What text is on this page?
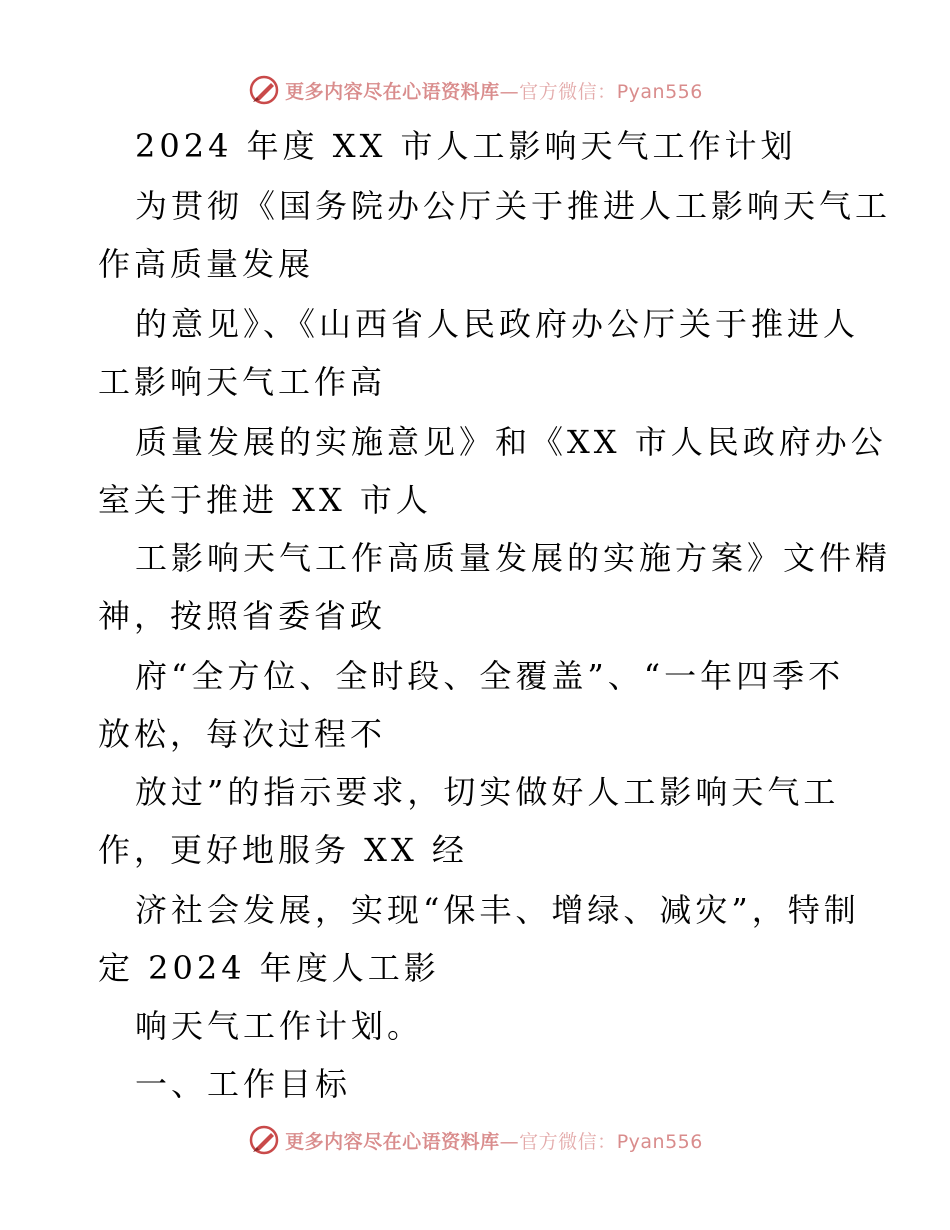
更多内容尽在心语资料库—官方微信：Pyan556
2024 年度 XX 市人工影响天气工作计划
为贯彻《国务院办公厅关于推进人工影响天气工
作高质量发展
的意见》、《山西省人民政府办公厅关于推进人
工影响天气工作高
质量发展的实施意见》和《XX 市人民政府办公
室关于推进 XX 市人
工影响天气工作高质量发展的实施方案》文件精
神，按照省委省政
府“全方位、全时段、全覆盖”、“一年四季不
放松，每次过程不
放过”的指示要求，切实做好人工影响天气工
作，更好地服务 XX 经
济社会发展，实现“保丰、增绿、减灾”，特制
定 2024 年度人工影
响天气工作计划。
一、工作目标
更多内容尽在心语资料库—官方微信：Pyan556
